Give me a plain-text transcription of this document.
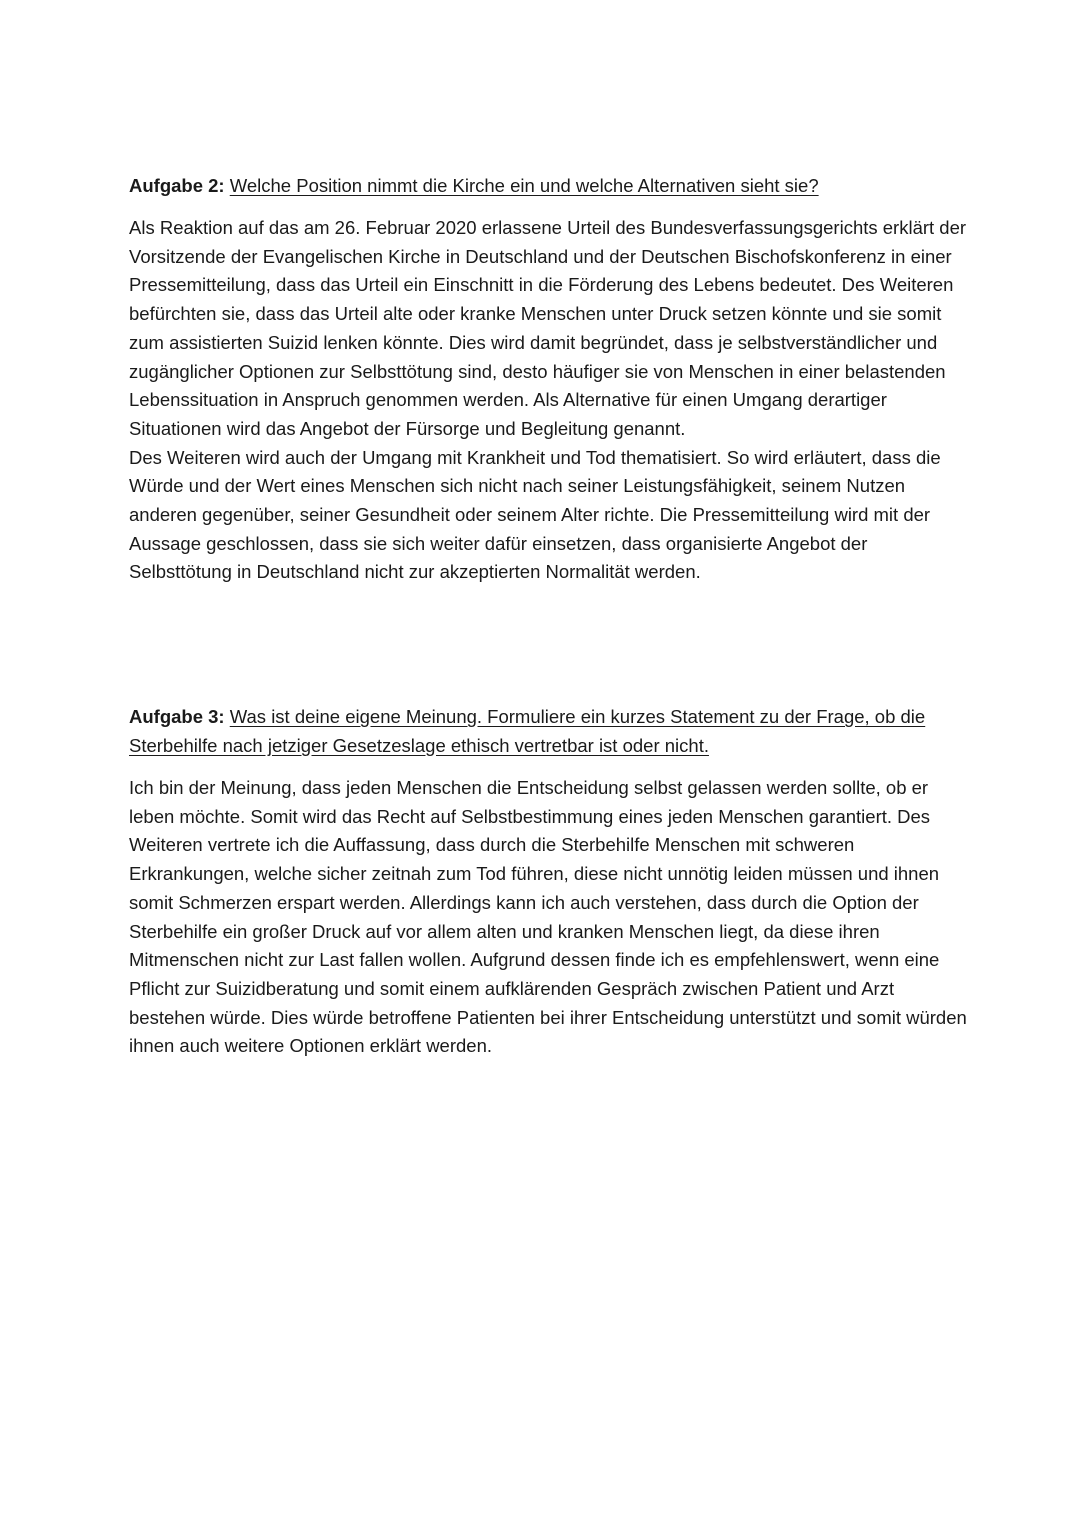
Aufgabe 2: Welche Position nimmt die Kirche ein und welche Alternativen sieht sie?

Als Reaktion auf das am 26. Februar 2020 erlassene Urteil des Bundesverfassungsgerichts erklärt der Vorsitzende der Evangelischen Kirche in Deutschland und der Deutschen Bischofskonferenz in einer Pressemitteilung, dass das Urteil ein Einschnitt in die Förderung des Lebens bedeutet. Des Weiteren befürchten sie, dass das Urteil alte oder kranke Menschen unter Druck setzen könnte und sie somit zum assistierten Suizid lenken könnte. Dies wird damit begründet, dass je selbstverständlicher und zugänglicher Optionen zur Selbsttötung sind, desto häufiger sie von Menschen in einer belastenden Lebenssituation in Anspruch genommen werden. Als Alternative für einen Umgang derartiger Situationen wird das Angebot der Fürsorge und Begleitung genannt.
Des Weiteren wird auch der Umgang mit Krankheit und Tod thematisiert. So wird erläutert, dass die Würde und der Wert eines Menschen sich nicht nach seiner Leistungsfähigkeit, seinem Nutzen anderen gegenüber, seiner Gesundheit oder seinem Alter richte. Die Pressemitteilung wird mit der Aussage geschlossen, dass sie sich weiter dafür einsetzen, dass organisierte Angebot der Selbsttötung in Deutschland nicht zur akzeptierten Normalität werden.

Aufgabe 3: Was ist deine eigene Meinung. Formuliere ein kurzes Statement zu der Frage, ob die Sterbehilfe nach jetziger Gesetzeslage ethisch vertretbar ist oder nicht.

Ich bin der Meinung, dass jeden Menschen die Entscheidung selbst gelassen werden sollte, ob er leben möchte. Somit wird das Recht auf Selbstbestimmung eines jeden Menschen garantiert. Des Weiteren vertrete ich die Auffassung, dass durch die Sterbehilfe Menschen mit schweren Erkrankungen, welche sicher zeitnah zum Tod führen, diese nicht unnötig leiden müssen und ihnen somit Schmerzen erspart werden. Allerdings kann ich auch verstehen, dass durch die Option der Sterbehilfe ein großer Druck auf vor allem alten und kranken Menschen liegt, da diese ihren Mitmenschen nicht zur Last fallen wollen. Aufgrund dessen finde ich es empfehlenswert, wenn eine Pflicht zur Suizidberatung und somit einem aufklärenden Gespräch zwischen Patient und Arzt bestehen würde. Dies würde betroffene Patienten bei ihrer Entscheidung unterstützt und somit würden ihnen auch weitere Optionen erklärt werden.
